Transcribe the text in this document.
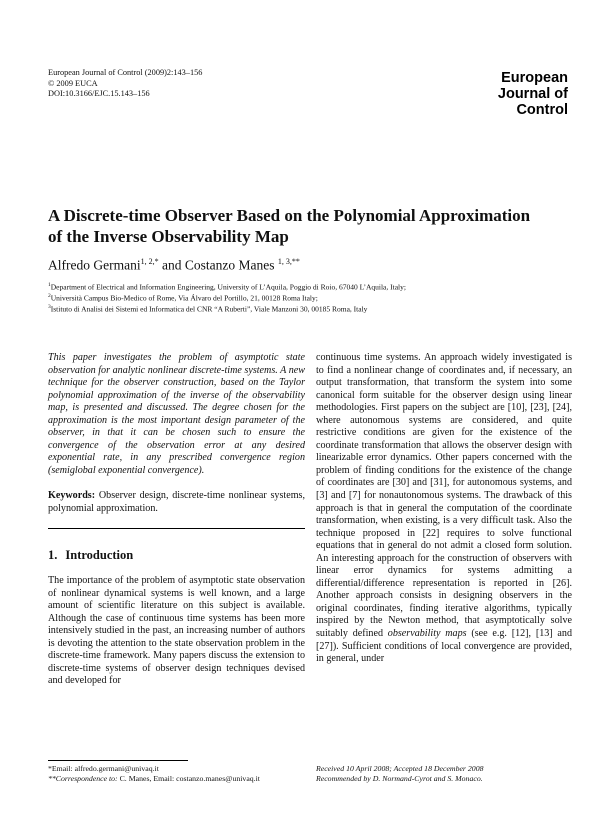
European Journal of Control (2009)2:143–156
© 2009 EUCA
DOI:10.3166/EJC.15.143–156
European
Journal of
Control
A Discrete-time Observer Based on the Polynomial Approximation
of the Inverse Observability Map
Alfredo Germani$^{1, 2,*}$ and Costanzo Manes $^{1, 3,**}$
$^1$Department of Electrical and Information Engineering, University of L’Aquila, Poggio di Roio, 67040 L’Aquila, Italy;
$^2$Università Campus Bio-Medico of Rome, Via Álvaro del Portillo, 21, 00128 Roma Italy;
$^3$Istituto di Analisi dei Sistemi ed Informatica del CNR “A Ruberti”, Viale Manzoni 30, 00185 Roma, Italy
This paper investigates the problem of asymptotic state observation for analytic nonlinear discrete-time systems. A new technique for the observer construction, based on the Taylor polynomial approximation of the inverse of the observability map, is presented and discussed. The degree chosen for the approximation is the most important design parameter of the observer, in that it can be chosen such to ensure the convergence of the observation error at any desired exponential rate, in any prescribed convergence region (semiglobal exponential convergence).
Keywords: Observer design, discrete-time nonlinear systems, polynomial approximation.
1. Introduction
The importance of the problem of asymptotic state observation of nonlinear dynamical systems is well known, and a large amount of scientific literature on this subject is available. Although the case of continuous time systems has been more intensively studied in the past, an increasing number of authors is devoting the attention to the state observation problem in the discrete-time framework. Many papers discuss the extension to discrete-time systems of observer design techniques devised and developed for
continuous time systems. An approach widely investigated is to find a nonlinear change of coordinates and, if necessary, an output transformation, that transform the system into some canonical form suitable for the observer design using linear methodologies. First papers on the subject are [10], [23], [24], where autonomous systems are considered, and quite restrictive conditions are given for the existence of the coordinate transformation that allows the observer design with linearizable error dynamics. Other papers concerned with the problem of finding conditions for the existence of the change of coordinates are [30] and [31], for autonomous systems, and [3] and [7] for nonautonomous systems. The drawback of this approach is that in general the computation of the coordinate transformation, when existing, is a very difficult task. Also the technique proposed in [22] requires to solve functional equations that in general do not admit a closed form solution. An interesting approach for the construction of observers with linear error dynamics for systems admitting a differential/difference representation is reported in [26]. Another approach consists in designing observers in the original coordinates, finding iterative algorithms, typically inspired by the Newton method, that asymptotically solve suitably defined observability maps (see e.g. [12], [13] and [27]). Sufficient conditions of local convergence are provided, in general, under
*Email: alfredo.germani@univaq.it
**Correspondence to: C. Manes, Email: costanzo.manes@univaq.it
Received 10 April 2008; Accepted 18 December 2008
Recommended by D. Normand-Cyrot and S. Monaco.
